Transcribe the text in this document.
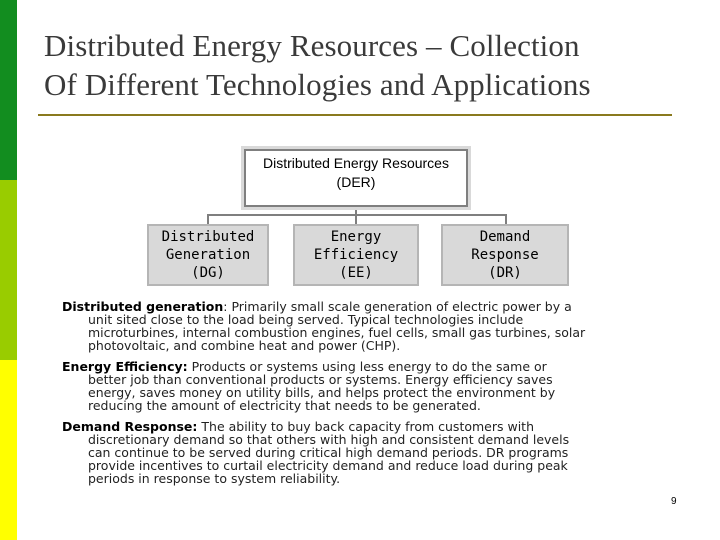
Distributed Energy Resources – Collection
Of Different Technologies and Applications
Distributed Energy Resources
(DER)
Distributed
Generation
(DG)
Energy
Efficiency
(EE)
Demand
Response
(DR)
Distributed generation: Primarily small scale generation of electric power by a
unit sited close to the load being served. Typical technologies include
microturbines, internal combustion engines, fuel cells, small gas turbines, solar
photovoltaic, and combine heat and power (CHP).
Energy Efficiency: Products or systems using less energy to do the same or
better job than conventional products or systems. Energy efficiency saves
energy, saves money on utility bills, and helps protect the environment by
reducing the amount of electricity that needs to be generated.
Demand Response: The ability to buy back capacity from customers with
discretionary demand so that others with high and consistent demand levels
can continue to be served during critical high demand periods. DR programs
provide incentives to curtail electricity demand and reduce load during peak
periods in response to system reliability.
9
